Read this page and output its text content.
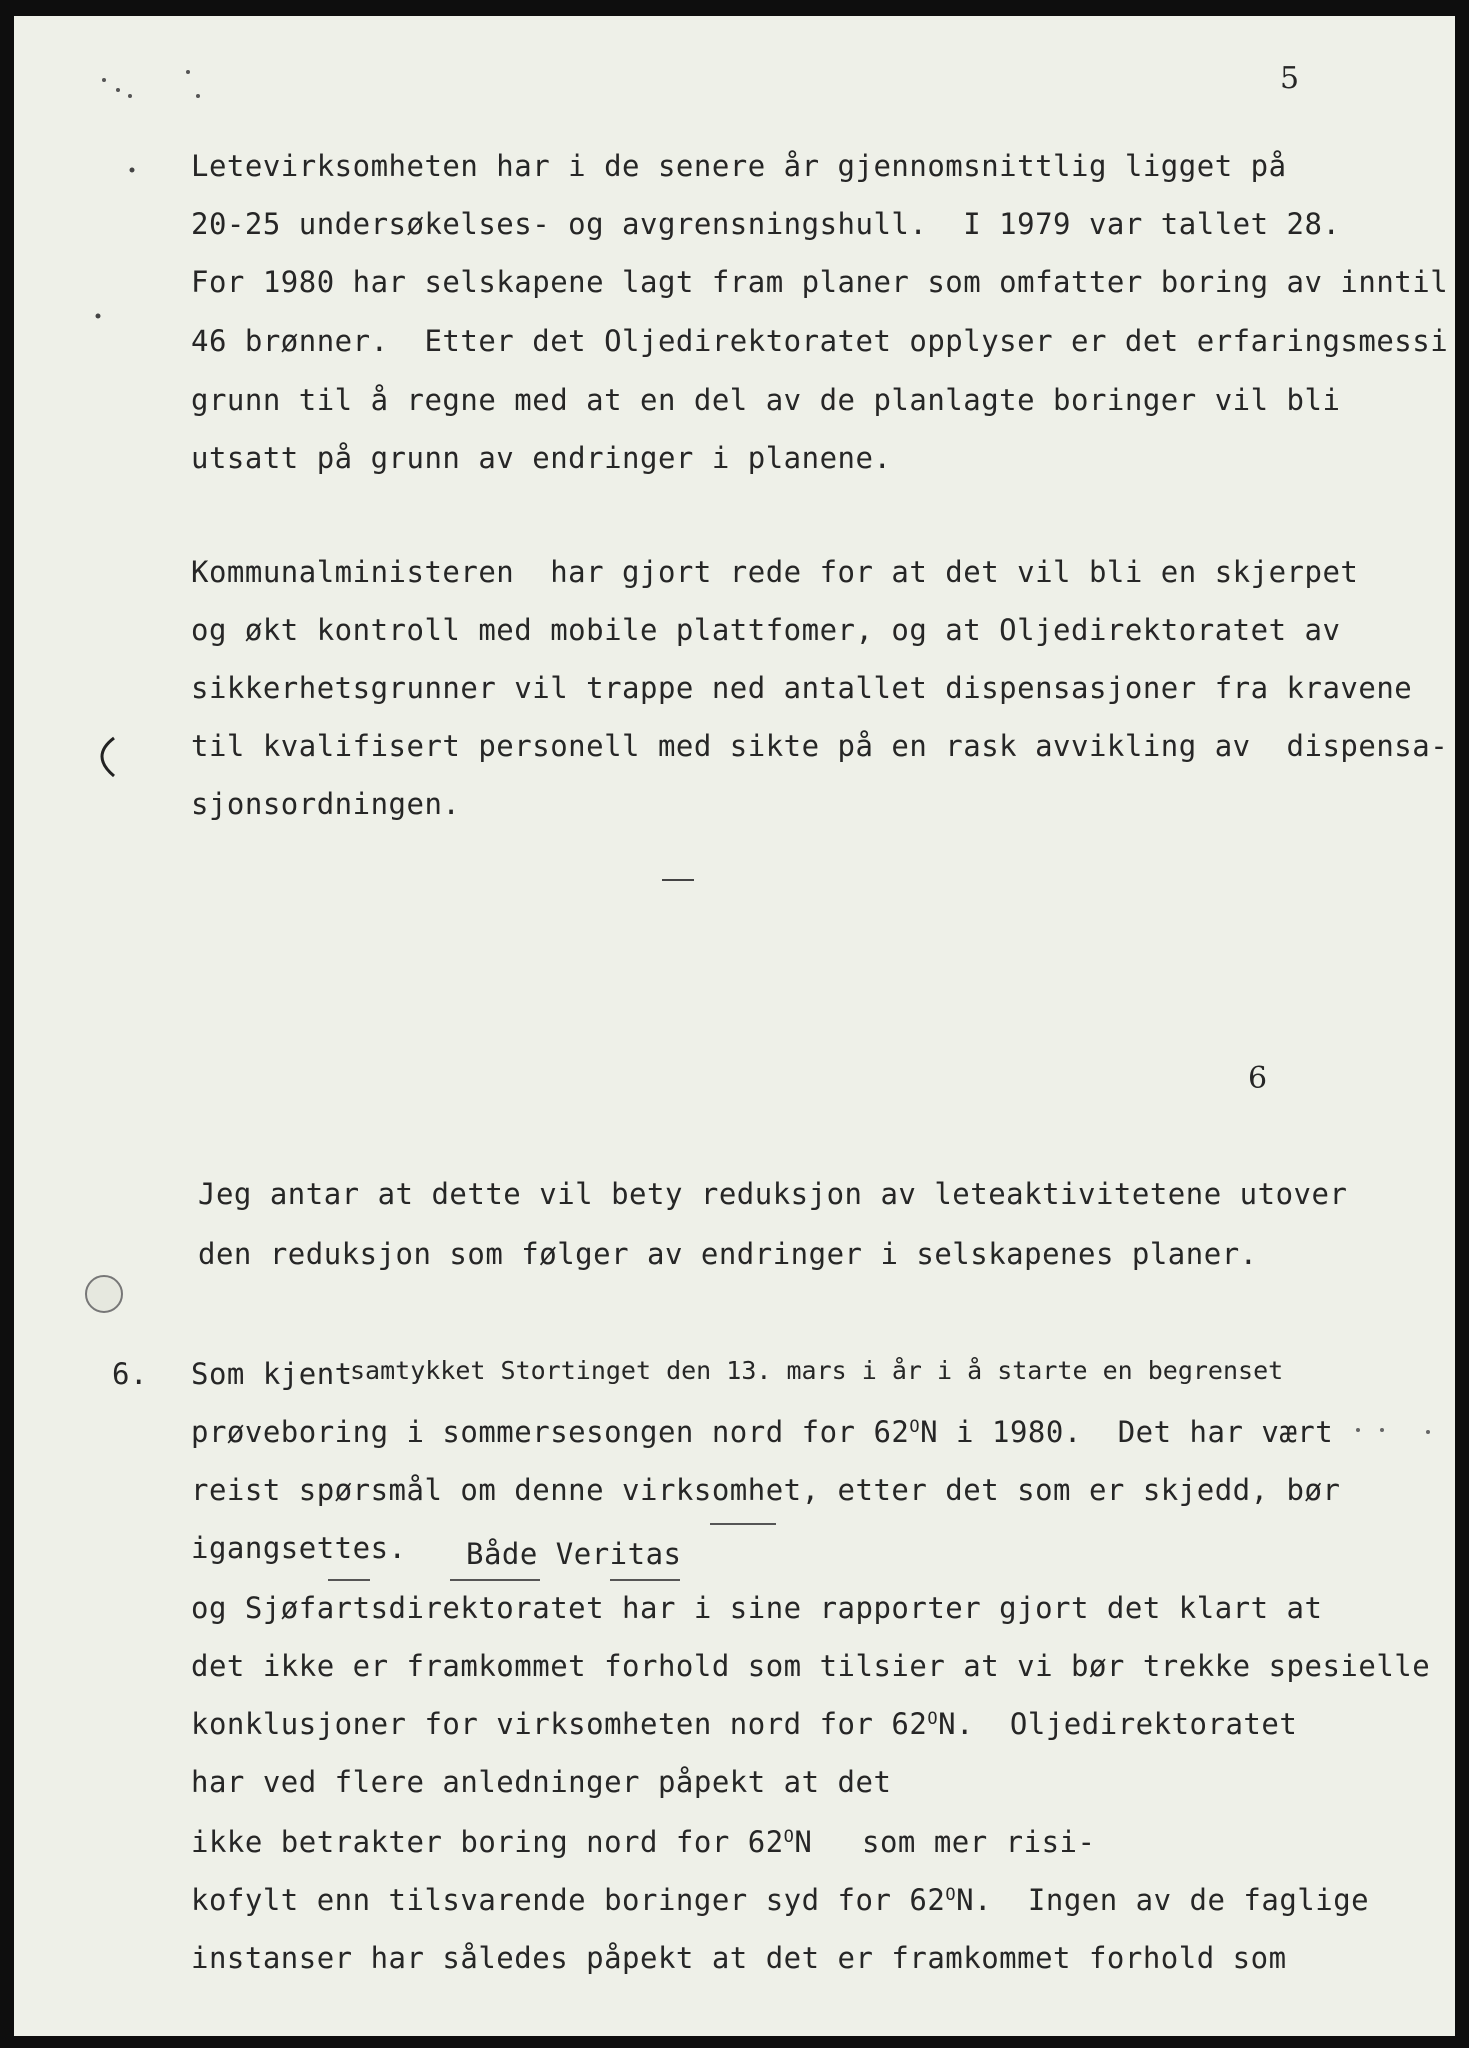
5
Letevirksomheten har i de senere år gjennomsnittlig ligget på
20-25 undersøkelses- og avgrensningshull.  I 1979 var tallet 28.
For 1980 har selskapene lagt fram planer som omfatter boring av inntil
46 brønner.  Etter det Oljedirektoratet opplyser er det erfaringsmessi
grunn til å regne med at en del av de planlagte boringer vil bli
utsatt på grunn av endringer i planene.
Kommunalministeren  har gjort rede for at det vil bli en skjerpet
og økt kontroll med mobile plattfomer, og at Oljedirektoratet av
sikkerhetsgrunner vil trappe ned antallet dispensasjoner fra kravene
til kvalifisert personell med sikte på en rask avvikling av  dispensa-
sjonsordningen.
6
Jeg antar at dette vil bety reduksjon av leteaktivitetene utover
den reduksjon som følger av endringer i selskapenes planer.
6. Som kjent
samtykket Stortinget den 13. mars i år i å starte en begrenset
prøveboring i sommersesongen nord for $62^ON$ i 1980.  Det har vært
reist spørsmål om denne virksomhet, etter det som er skjedd, bør
igangsettes. Både Veritas
og Sjøfartsdirektoratet har i sine rapporter gjort det klart at
det ikke er framkommet forhold som tilsier at vi bør trekke spesielle
konklusjoner for virksomheten nord for $62^ON$.  Oljedirektoratet
har ved flere anledninger påpekt at det
ikke betrakter boring nord for $62^ON$ som mer risi-
kofylt enn tilsvarende boringer syd for $62^ON$.  Ingen av de faglige
instanser har således påpekt at det er framkommet forhold som
